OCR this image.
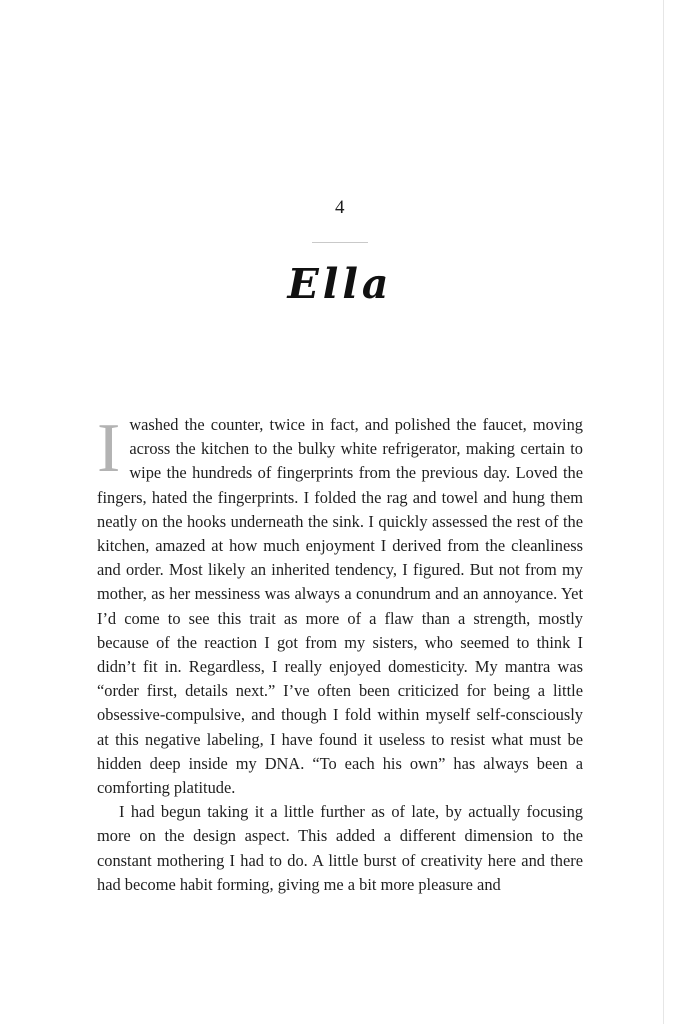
4
Ella

Iwashed the counter, twice in fact, and polished the faucet, moving across the kitchen to the bulky white refrigerator, making certain to wipe the hundreds of fingerprints from the previous day. Loved the fingers, hated the fingerprints. I folded the rag and towel and hung them neatly on the hooks underneath the sink. I quickly assessed the rest of the kitchen, amazed at how much enjoyment I derived from the cleanliness and order. Most likely an inherited tendency, I figured. But not from my mother, as her messiness was always a conundrum and an annoyance. Yet I’d come to see this trait as more of a flaw than a strength, mostly because of the reaction I got from my sisters, who seemed to think I didn’t fit in. Regardless, I really enjoyed domesticity. My mantra was “order first, details next.” I’ve often been criticized for being a little obsessive-compulsive, and though I fold within myself self-consciously at this negative labeling, I have found it useless to resist what must be hidden deep inside my DNA. “To each his own” has always been a comforting platitude.

I had begun taking it a little further as of late, by actually focusing more on the design aspect. This added a different dimension to the constant mothering I had to do. A little burst of creativity here and there had become habit forming, giving me a bit more pleasure and
